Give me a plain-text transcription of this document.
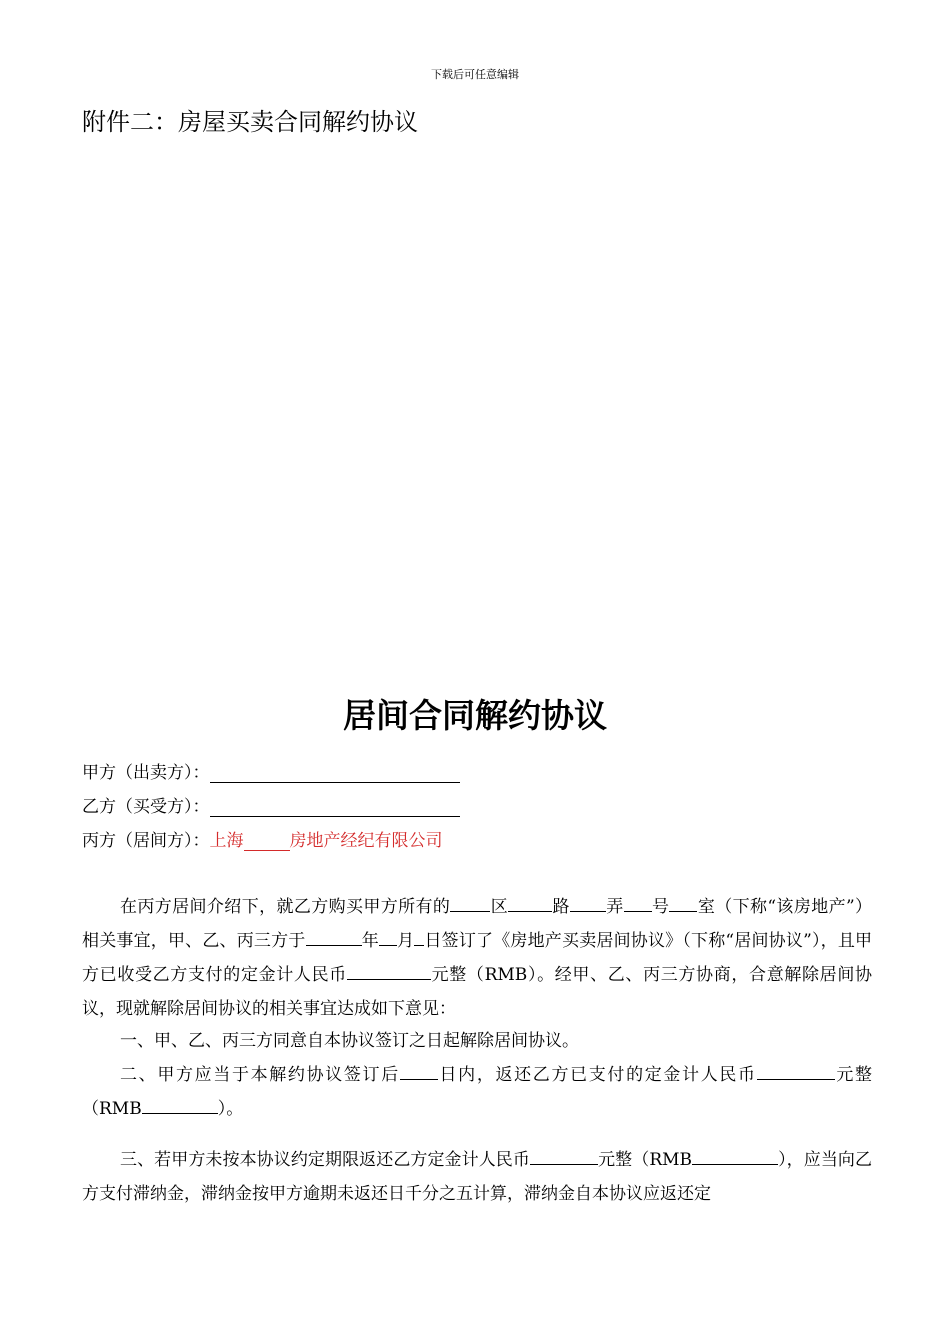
下载后可任意编辑
附件二：房屋买卖合同解约协议
居间合同解约协议
甲方（出卖方）：
乙方（买受方）：
丙方（居间方）： 上海	房地产经纪有限公司

在丙方居间介绍下，就乙方购买甲方所有的 区	路 弄 号 室（下称“该房地产”）相关事宜，甲、乙、丙三方于	年 月 日签订了《房地产买卖居间协议》（下称“居间协议”），且甲方已收受乙方支付的定金计人民币	元整（RMB）。经甲、乙、丙三方协商，合意解除居间协议，现就解除居间协议的相关事宜达成如下意见：

一、甲、乙、丙三方同意自本协议签订之日起解除居间协议。

二、甲方应当于本解约协议签订后 日内，返还乙方已支付的定金计人民币	元整（RMB	）。

三、若甲方未按本协议约定期限返还乙方定金计人民币	元整（RMB	），应当向乙方支付滞纳金，滞纳金按甲方逾期未返还日千分之五计算，滞纳金自本协议应返还定
